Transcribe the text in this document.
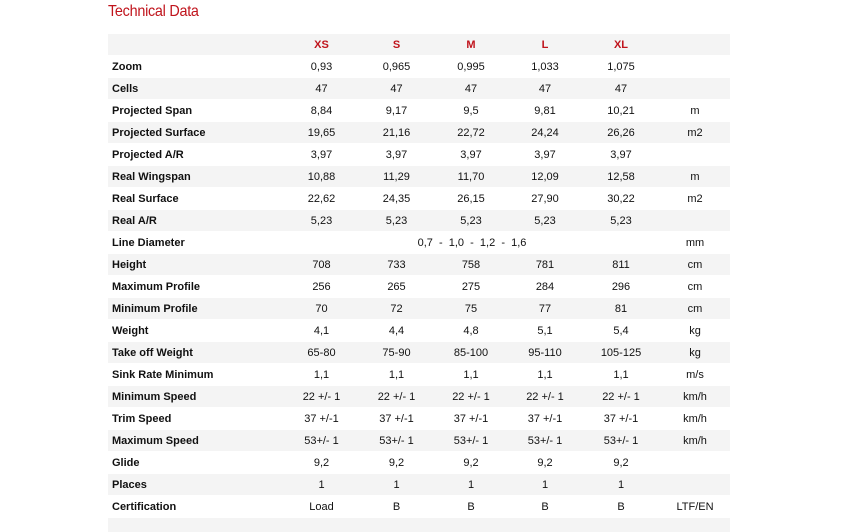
Technical Data
	XS	S	M	L	XL	
Zoom	0,93	0,965	0,995	1,033	1,075	
Cells	47	47	47	47	47	
Projected Span	8,84	9,17	9,5	9,81	10,21	m
Projected Surface	19,65	21,16	22,72	24,24	26,26	m2
Projected A/R	3,97	3,97	3,97	3,97	3,97	
Real Wingspan	10,88	11,29	11,70	12,09	12,58	m
Real Surface	22,62	24,35	26,15	27,90	30,22	m2
Real A/R	5,23	5,23	5,23	5,23	5,23	
Line Diameter	0,7  -  1,0  -  1,2  -  1,6					mm
Height	708	733	758	781	811	cm
Maximum Profile	256	265	275	284	296	cm
Minimum Profile	70	72	75	77	81	cm
Weight	4,1	4,4	4,8	5,1	5,4	kg
Take off Weight	65-80	75-90	85-100	95-110	105-125	kg
Sink Rate Minimum	1,1	1,1	1,1	1,1	1,1	m/s
Minimum Speed	22 +/- 1	22 +/- 1	22 +/- 1	22 +/- 1	22 +/- 1	km/h
Trim Speed	37 +/-1	37 +/-1	37 +/-1	37 +/-1	37 +/-1	km/h
Maximum Speed	53+/- 1	53+/- 1	53+/- 1	53+/- 1	53+/- 1	km/h
Glide	9,2	9,2	9,2	9,2	9,2	
Places	1	1	1	1	1	
Certification	Load	B	B	B	B	LTF/EN
